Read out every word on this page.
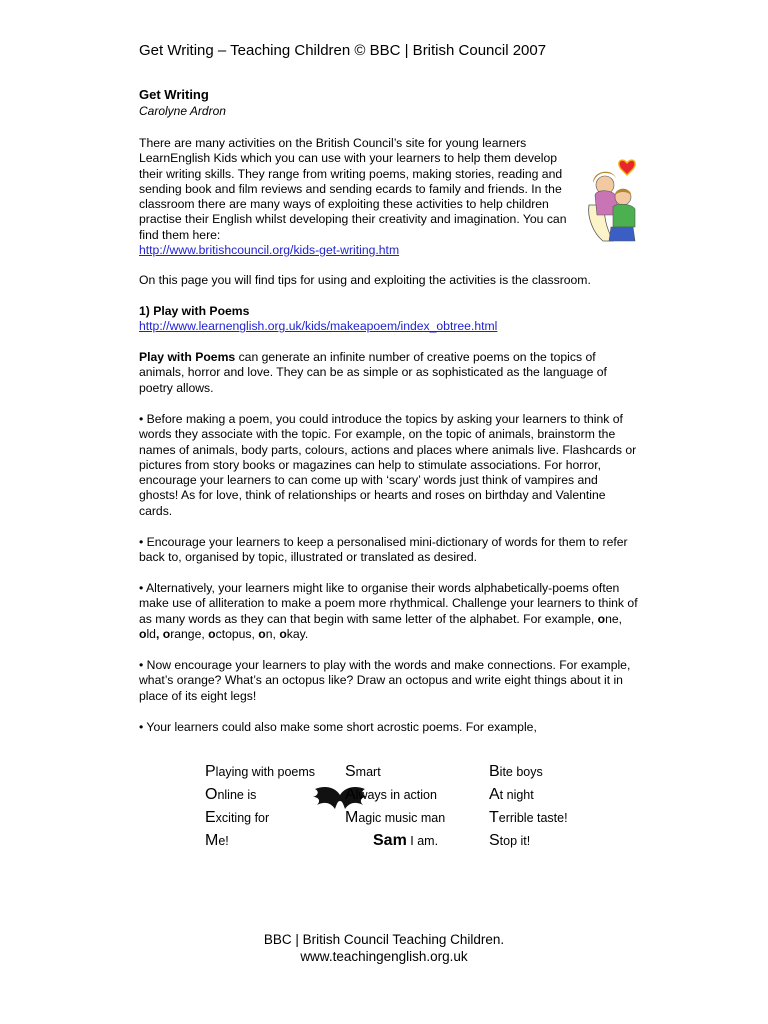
Get Writing – Teaching Children © BBC | British Council 2007
Get Writing
Carolyne Ardron
There are many activities on the British Council’s site for young learners LearnEnglish Kids which you can use with your learners to help them develop their writing skills. They range from writing poems, making stories, reading and sending book and film reviews and sending ecards to family and friends. In the classroom there are many ways of exploiting these activities to help children practise their English whilst developing their creativity and imagination. You can find them here:
http://www.britishcouncil.org/kids-get-writing.htm
On this page you will find tips for using and exploiting the activities is the classroom.
1) Play with Poems
http://www.learnenglish.org.uk/kids/makeapoem/index_obtree.html
Play with Poems can generate an infinite number of creative poems on the topics of animals, horror and love. They can be as simple or as sophisticated as the language of poetry allows.
• Before making a poem, you could introduce the topics by asking your learners to think of words they associate with the topic. For example, on the topic of animals, brainstorm the names of animals, body parts, colours, actions and places where animals live. Flashcards or pictures from story books or magazines can help to stimulate associations. For horror, encourage your learners to can come up with ‘scary’ words just think of vampires and ghosts! As for love, think of relationships or hearts and roses on birthday and Valentine cards.
• Encourage your learners to keep a personalised mini-dictionary of words for them to refer back to, organised by topic, illustrated or translated as desired.
• Alternatively, your learners might like to organise their words alphabetically-poems often make use of alliteration to make a poem more rhythmical. Challenge your learners to think of as many words as they can that begin with same letter of the alphabet. For example, one, old, orange, octopus, on, okay.
• Now encourage your learners to play with the words and make connections. For example, what’s orange? What’s an octopus like? Draw an octopus and write eight things about it in place of its eight legs!
• Your learners could also make some short acrostic poems. For example,
Playing with poems
Online is
Exciting for
Me!
Smart
Always in action
Magic music man
Sam I am.
Bite boys
At night
Terrible taste!
Stop it!
BBC | British Council Teaching Children.
www.teachingenglish.org.uk
